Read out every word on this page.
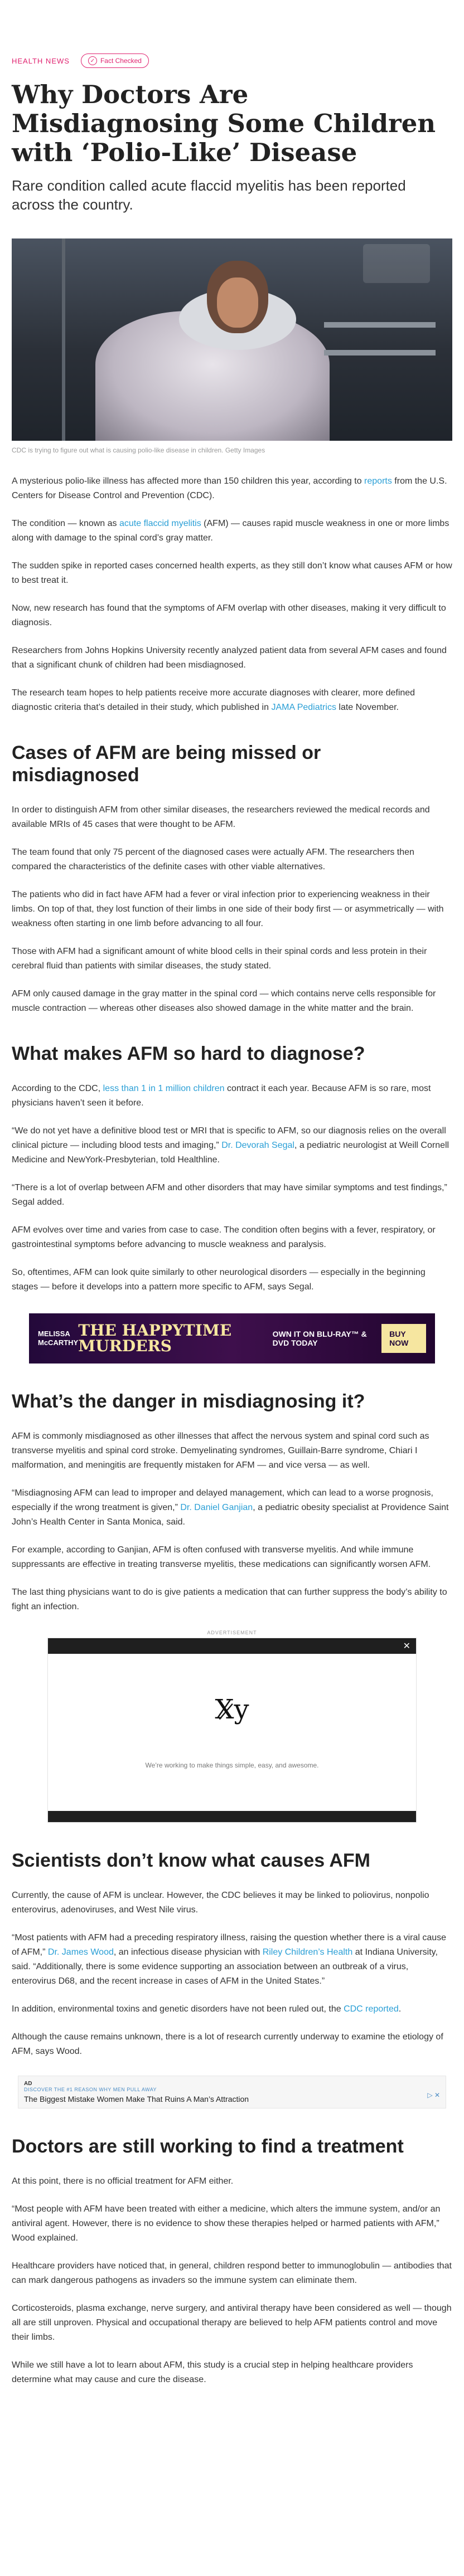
HEALTH NEWS	✓ Fact Checked
Why Doctors Are Misdiagnosing Some Children with ‘Polio-Like’ Disease
Rare condition called acute flaccid myelitis has been reported across the country.
CDC is trying to figure out what is causing polio-like disease in children. Getty Images

A mysterious polio-like illness has affected more than 150 children this year, according to reports from the U.S. Centers for Disease Control and Prevention (CDC).

The condition — known as acute flaccid myelitis (AFM) — causes rapid muscle weakness in one or more limbs along with damage to the spinal cord’s gray matter.

The sudden spike in reported cases concerned health experts, as they still don’t know what causes AFM or how to best treat it.

Now, new research has found that the symptoms of AFM overlap with other diseases, making it very difficult to diagnosis.

Researchers from Johns Hopkins University recently analyzed patient data from several AFM cases and found that a significant chunk of children had been misdiagnosed.

The research team hopes to help patients receive more accurate diagnoses with clearer, more defined diagnostic criteria that’s detailed in their study, which published in JAMA Pediatrics late November.

Cases of AFM are being missed or misdiagnosed

In order to distinguish AFM from other similar diseases, the researchers reviewed the medical records and available MRIs of 45 cases that were thought to be AFM.

The team found that only 75 percent of the diagnosed cases were actually AFM. The researchers then compared the characteristics of the definite cases with other viable alternatives.

The patients who did in fact have AFM had a fever or viral infection prior to experiencing weakness in their limbs. On top of that, they lost function of their limbs in one side of their body first — or asymmetrically — with weakness often starting in one limb before advancing to all four.

Those with AFM had a significant amount of white blood cells in their spinal cords and less protein in their cerebral fluid than patients with similar diseases, the study stated.

AFM only caused damage in the gray matter in the spinal cord — which contains nerve cells responsible for muscle contraction — whereas other diseases also showed damage in the white matter and the brain.

What makes AFM so hard to diagnose?

According to the CDC, less than 1 in 1 million children contract it each year. Because AFM is so rare, most physicians haven’t seen it before.

“We do not yet have a definitive blood test or MRI that is specific to AFM, so our diagnosis relies on the overall clinical picture — including blood tests and imaging,” Dr. Devorah Segal, a pediatric neurologist at Weill Cornell Medicine and NewYork-Presbyterian, told Healthline.

“There is a lot of overlap between AFM and other disorders that may have similar symptoms and test findings,” Segal added.

AFM evolves over time and varies from case to case. The condition often begins with a fever, respiratory, or gastrointestinal symptoms before advancing to muscle weakness and paralysis.

So, oftentimes, AFM can look quite similarly to other neurological disorders — especially in the beginning stages — before it develops into a pattern more specific to AFM, says Segal.

MELISSA
McCARTHY
THE HAPPYTIME MURDERS
OWN IT ON BLU-RAY™ & DVD TODAY
BUY NOW
What’s the danger in misdiagnosing it?

AFM is commonly misdiagnosed as other illnesses that affect the nervous system and spinal cord such as transverse myelitis and spinal cord stroke. Demyelinating syndromes, Guillain-Barre syndrome, Chiari I malformation, and meningitis are frequently mistaken for AFM — and vice versa — as well.

“Misdiagnosing AFM can lead to improper and delayed management, which can lead to a worse prognosis, especially if the wrong treatment is given,” Dr. Daniel Ganjian, a pediatric obesity specialist at Providence Saint John’s Health Center in Santa Monica, said.

For example, according to Ganjian, AFM is often confused with transverse myelitis. And while immune suppressants are effective in treating transverse myelitis, these medications can significantly worsen AFM.

The last thing physicians want to do is give patients a medication that can further suppress the body’s ability to fight an infection.

ADVERTISEMENT
✕
X̷y
We’re working to make things simple, easy, and awesome.
Scientists don’t know what causes AFM

Currently, the cause of AFM is unclear. However, the CDC believes it may be linked to poliovirus, nonpolio enterovirus, adenoviruses, and West Nile virus.

“Most patients with AFM had a preceding respiratory illness, raising the question whether there is a viral cause of AFM,” Dr. James Wood, an infectious disease physician with Riley Children’s Health at Indiana University, said. “Additionally, there is some evidence supporting an association between an outbreak of a virus, enterovirus D68, and the recent increase in cases of AFM in the United States.”

In addition, environmental toxins and genetic disorders have not been ruled out, the CDC reported.

Although the cause remains unknown, there is a lot of research currently underway to examine the etiology of AFM, says Wood.

AD
DISCOVER THE #1 REASON WHY MEN PULL AWAY
The Biggest Mistake Women Make That Ruins A Man’s Attraction	▷ ✕
Doctors are still working to find a treatment

At this point, there is no official treatment for AFM either.

“Most people with AFM have been treated with either a medicine, which alters the immune system, and/or an antiviral agent. However, there is no evidence to show these therapies helped or harmed patients with AFM,” Wood explained.

Healthcare providers have noticed that, in general, children respond better to immunoglobulin — antibodies that can mark dangerous pathogens as invaders so the immune system can eliminate them.

Corticosteroids, plasma exchange, nerve surgery, and antiviral therapy have been considered as well — though all are still unproven. Physical and occupational therapy are believed to help AFM patients control and move their limbs.

While we still have a lot to learn about AFM, this study is a crucial step in helping healthcare providers determine what may cause and cure the disease.
